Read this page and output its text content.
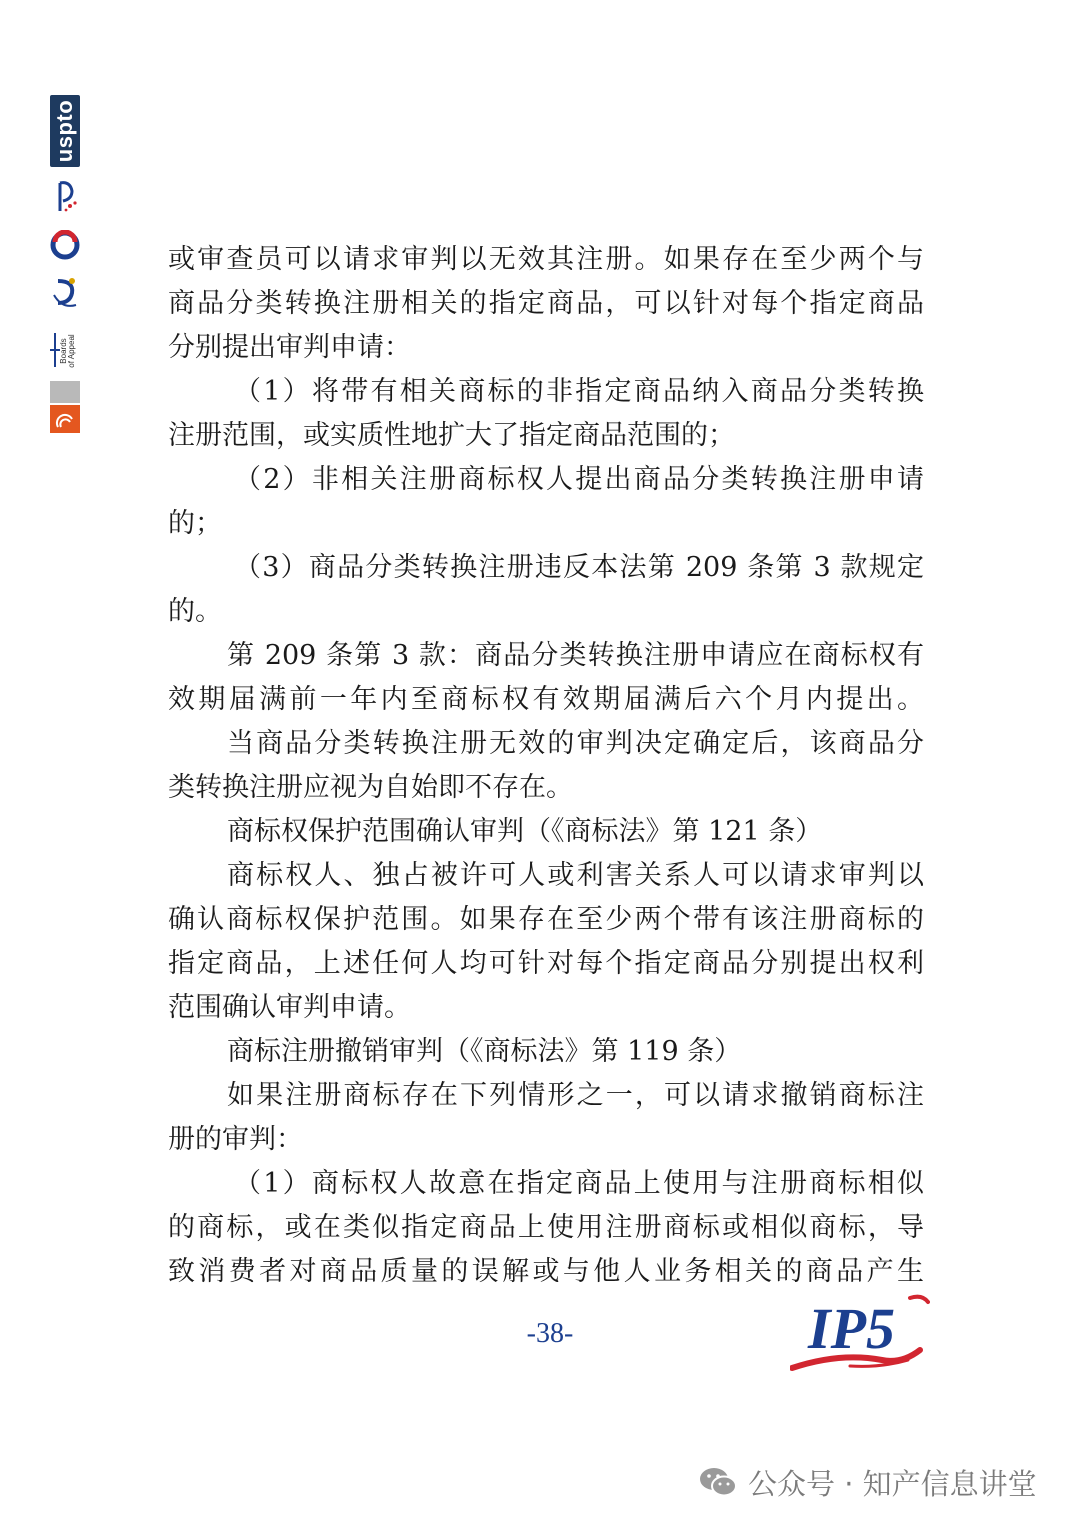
uspto
Boards
of Appeal
或审查员可以请求审判以无效其注册。如果存在至少两个与
商品分类转换注册相关的指定商品，可以针对每个指定商品
分别提出审判申请：
（1）将带有相关商标的非指定商品纳入商品分类转换
注册范围，或实质性地扩大了指定商品范围的；
（2）非相关注册商标权人提出商品分类转换注册申请
的；
（3）商品分类转换注册违反本法第 209 条第 3 款规定
的。
第 209 条第 3 款：商品分类转换注册申请应在商标权有
效期届满前一年内至商标权有效期届满后六个月内提出。
当商品分类转换注册无效的审判决定确定后，该商品分
类转换注册应视为自始即不存在。
商标权保护范围确认审判（《商标法》第 121 条）
商标权人、独占被许可人或利害关系人可以请求审判以
确认商标权保护范围。如果存在至少两个带有该注册商标的
指定商品，上述任何人均可针对每个指定商品分别提出权利
范围确认审判申请。
商标注册撤销审判（《商标法》第 119 条）
如果注册商标存在下列情形之一，可以请求撤销商标注
册的审判：
（1）商标权人故意在指定商品上使用与注册商标相似
的商标，或在类似指定商品上使用注册商标或相似商标，导
致消费者对商品质量的误解或与他人业务相关的商品产生
-38-	IP5
公众号 · 知产信息讲堂
